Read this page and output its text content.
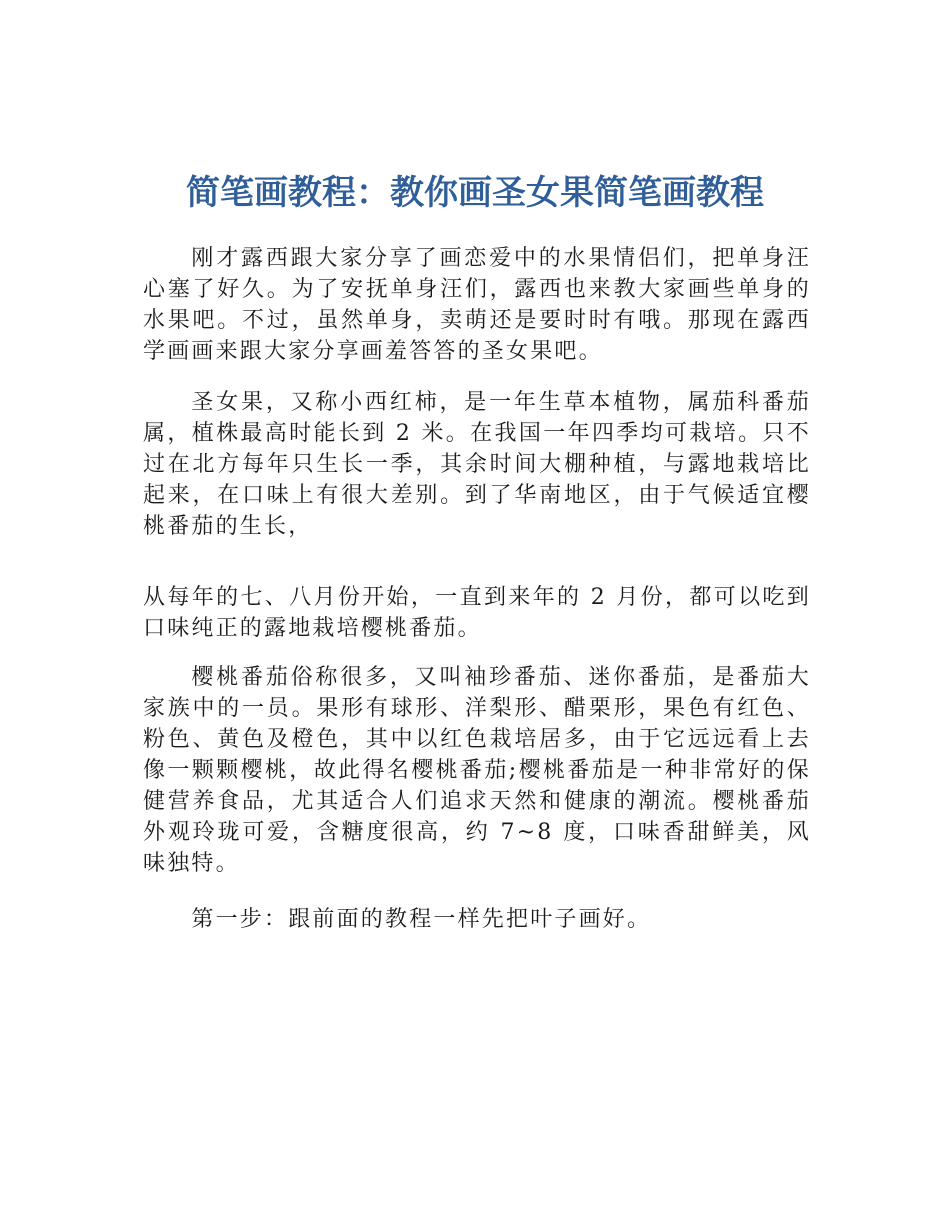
简笔画教程：教你画圣女果简笔画教程

刚才露西跟大家分享了画恋爱中的水果情侣们，把单身汪心塞了好久。为了安抚单身汪们，露西也来教大家画些单身的水果吧。不过，虽然单身，卖萌还是要时时有哦。那现在露西学画画来跟大家分享画羞答答的圣女果吧。

圣女果，又称小西红柿，是一年生草本植物，属茄科番茄属，植株最高时能长到 2 米。在我国一年四季均可栽培。只不过在北方每年只生长一季，其余时间大棚种植，与露地栽培比起来，在口味上有很大差别。到了华南地区，由于气候适宜樱桃番茄的生长，

从每年的七、八月份开始，一直到来年的 2 月份，都可以吃到口味纯正的露地栽培樱桃番茄。

樱桃番茄俗称很多，又叫袖珍番茄、迷你番茄，是番茄大家族中的一员。果形有球形、洋梨形、醋栗形，果色有红色、粉色、黄色及橙色，其中以红色栽培居多，由于它远远看上去像一颗颗樱桃，故此得名樱桃番茄;樱桃番茄是一种非常好的保健营养食品，尤其适合人们追求天然和健康的潮流。樱桃番茄外观玲珑可爱，含糖度很高，约 7~8 度，口味香甜鲜美，风味独特。

第一步：跟前面的教程一样先把叶子画好。
